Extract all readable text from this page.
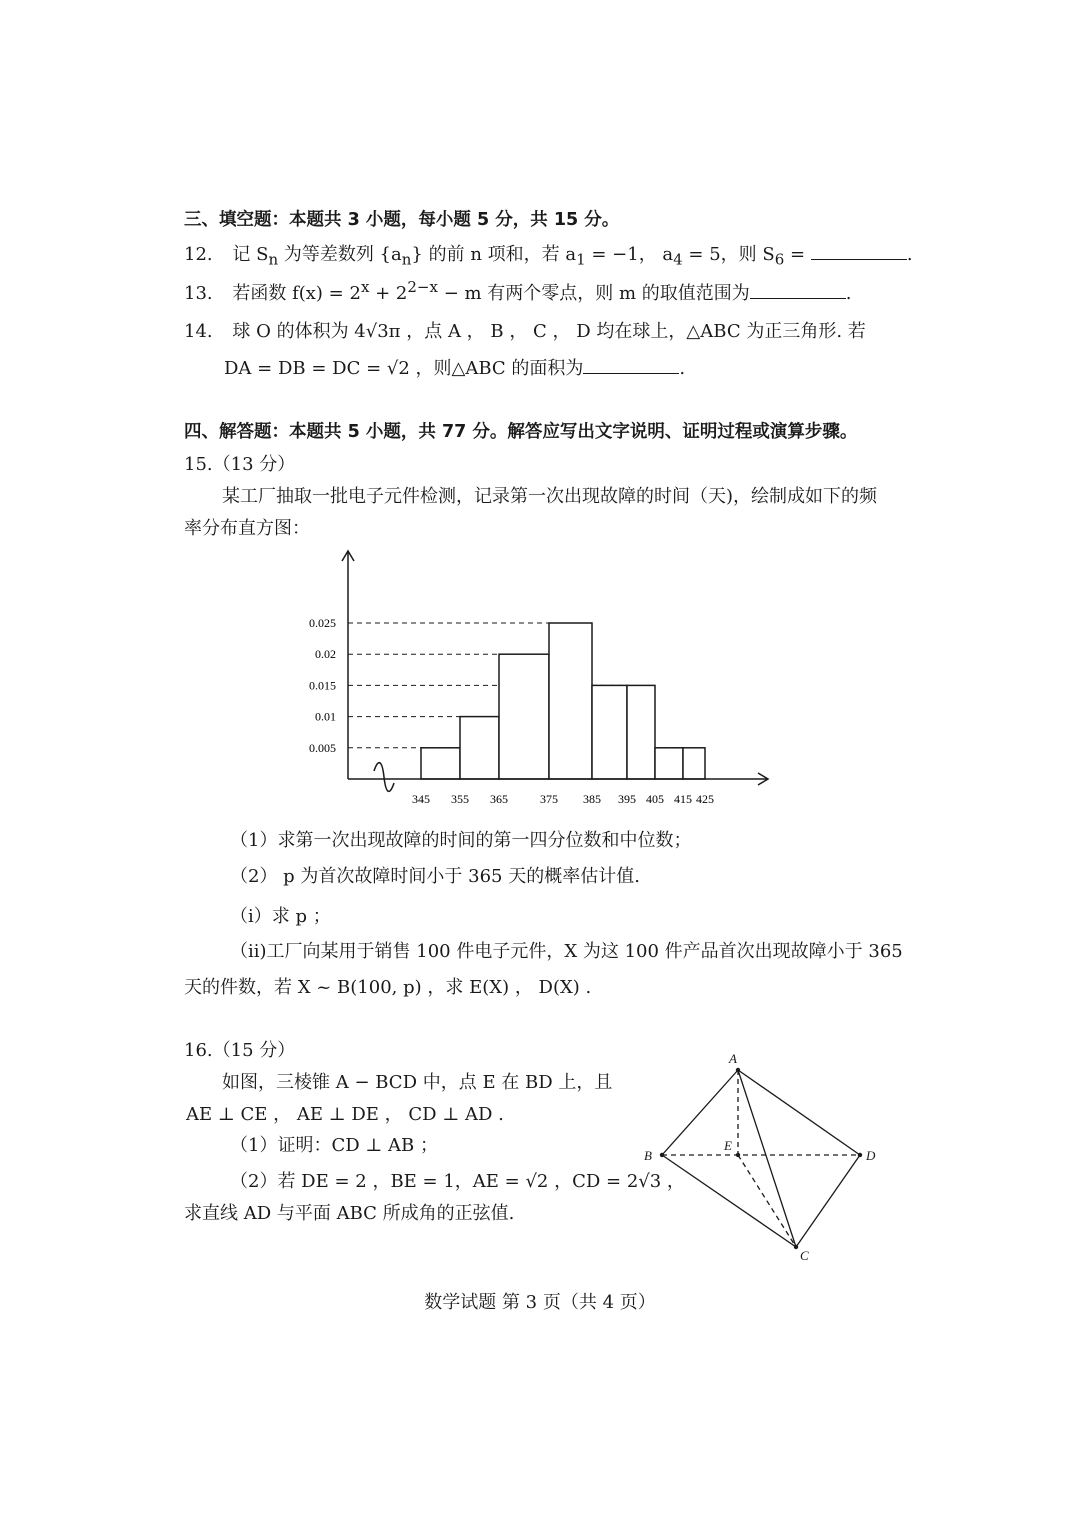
三、填空题：本题共 3 小题，每小题 5 分，共 15 分。
12. 记 $S_n$ 为等差数列 $\{a_n\}$ 的前 n 项和，若 $a_1 = -1$， $a_4 = 5$，则 $S_6$ =	.
13. 若函数 $f(x) = 2^x + 2^{2-x} - m$ 有两个零点，则 m 的取值范围为	.
14. 球 O 的体积为 4√3π ，点 A ， B ， C ， D 均在球上，△ABC 为正三角形. 若
DA = DB = DC = √2 ，则△ABC 的面积为	.
四、解答题：本题共 5 小题，共 77 分。解答应写出文字说明、证明过程或演算步骤。
15.（13 分）
某工厂抽取一批电子元件检测，记录第一次出现故障的时间（天)，绘制成如下的频
率分布直方图：
0.005
0.01
0.015
0.02
0.025
345 355 365	375 385 395 405 415 425
（1）求第一次出现故障的时间的第一四分位数和中位数；
（2） p 为首次故障时间小于 365 天的概率估计值.
（i）求 p ；
（ii)工厂向某用于销售 100 件电子元件，X 为这 100 件产品首次出现故障小于 365
天的件数，若 X ~ B(100, p) ，求 E(X) ， D(X) .
16.（15 分）
如图，三棱锥 A − BCD 中，点 E 在 BD 上，且
AE ⊥ CE ， AE ⊥ DE ， CD ⊥ AD .
（1）证明：CD ⊥ AB ；
（2）若 DE = 2 ，BE = 1，AE = √2 ，CD = 2√3 ，
求直线 AD 与平面 ABC 所成角的正弦值.
A
B	D
C
E
数学试题 第 3 页（共 4 页）
